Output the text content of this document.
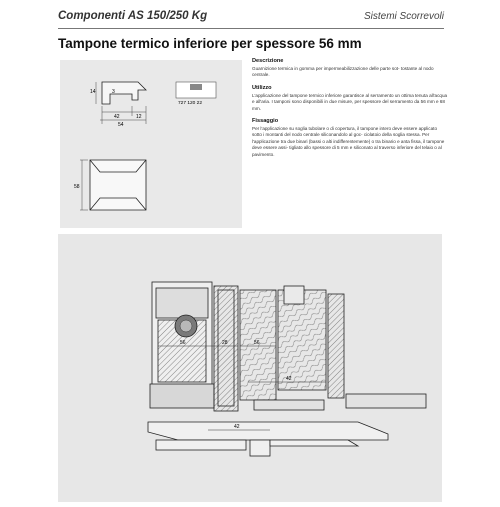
Componenti AS 150/250 Kg	Sistemi Scorrevoli
Tampone termico inferiore per spessore 56 mm
14	3
42	12
54
727 120 22
58
Descrizione
Guarnizione termica in gomma per impermeabilizzazione delle parte sot- tostante al nodo centrale.
Utilizzo
L'applicazione del tampone termico inferiore garantisce al serramento un ottima tenuta all'acqua e all'aria. I tamponi sono disponibili in due misure, per spessore del serramento da 56 mm e 68 mm.
Fissaggio
Per l'applicazione su soglia tubolare o di copertura, il tampone intero deve essere applicato sotto i montanti del nodo centrale siliconandolo al goc- ciolatoio della soglia stessa. Per l'applicazione tra due binari (bassi o alti indifferentemente) o tra binario e anta fissa, il tampone deve essere assi- tigliato allo spessore di 5 mm e siliconato al traverso inferiore del telaio o al pavimento.
56	28	56
42
42
